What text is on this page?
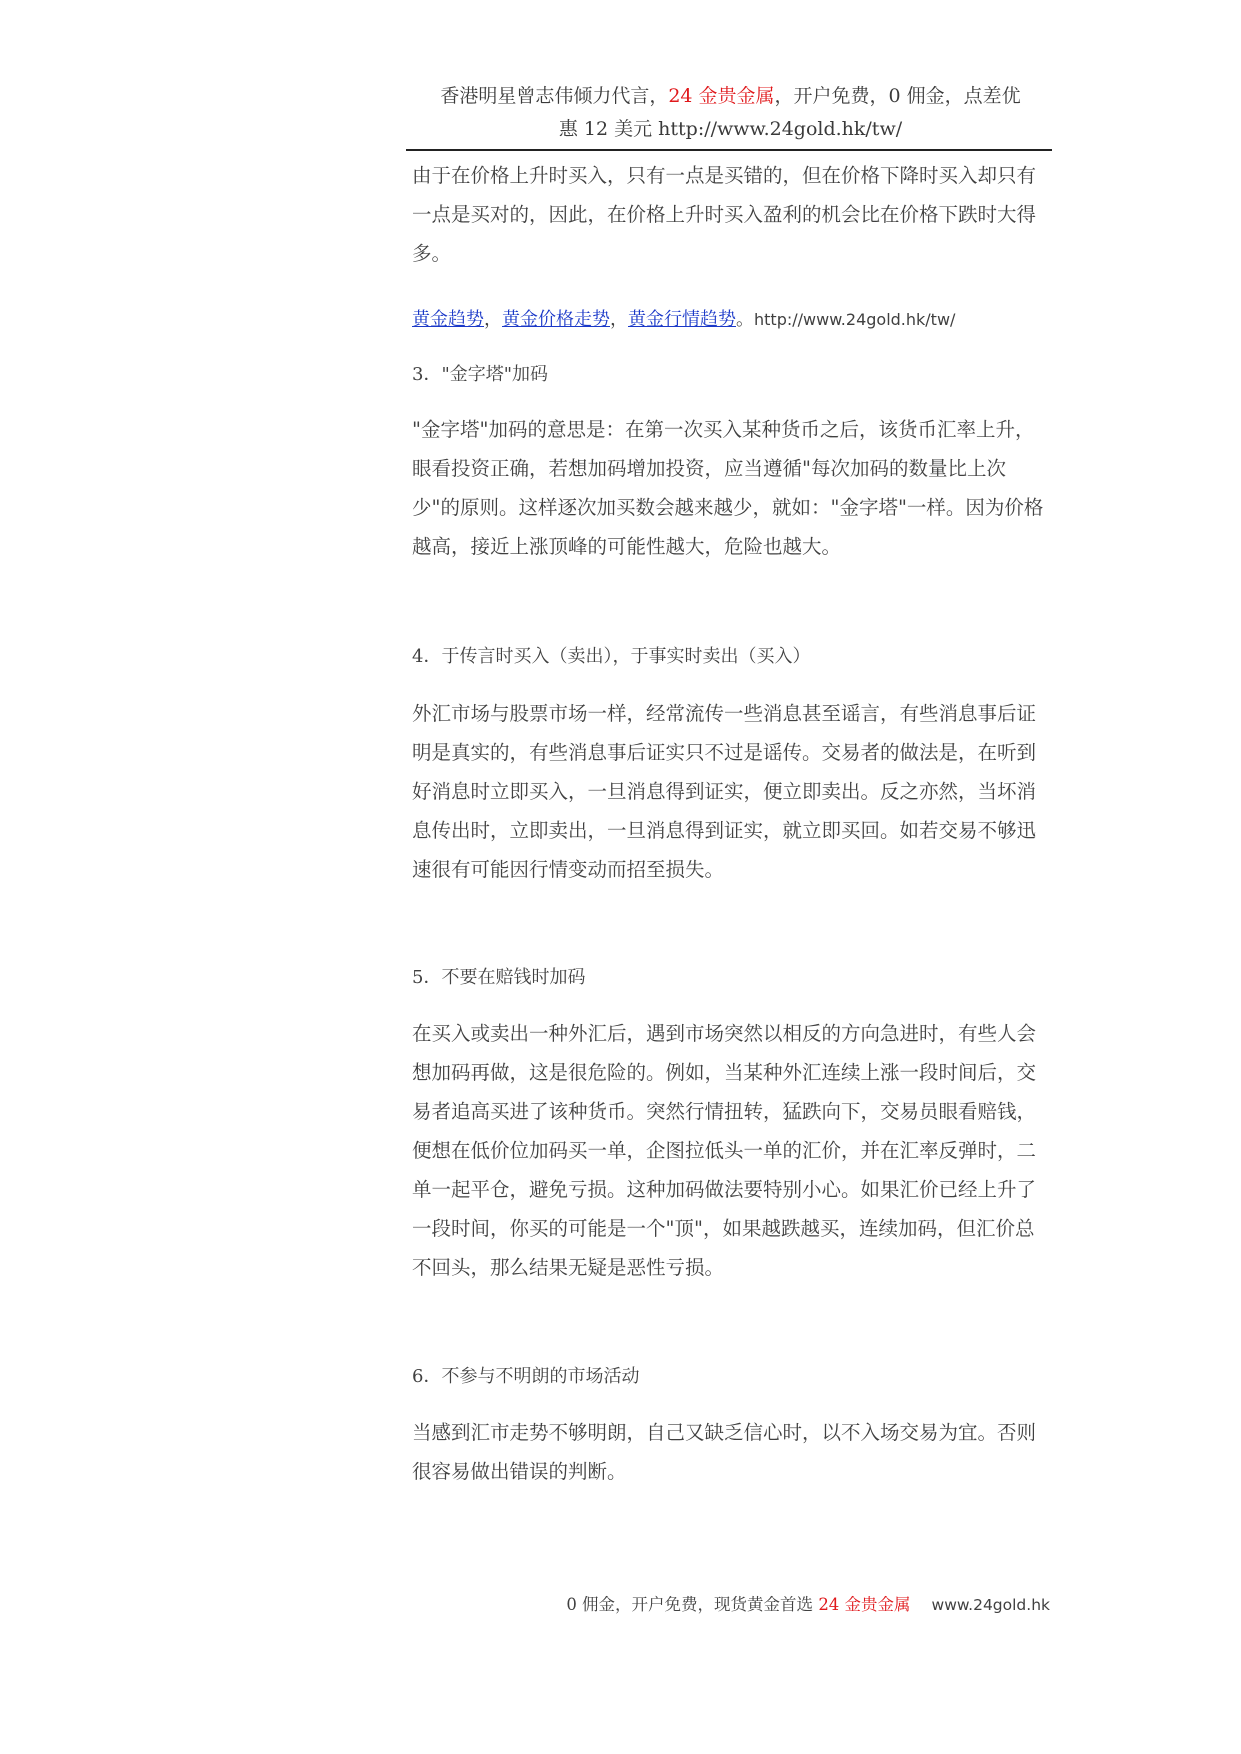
香港明星曾志伟倾力代言，24 金贵金属，开户免费，0 佣金，点差优
惠 12 美元 http://www.24gold.hk/tw/

由于在价格上升时买入，只有一点是买错的，但在价格下降时买入却只有一点是买对的，因此，在价格上升时买入盈利的机会比在价格下跌时大得多。

黄金趋势，黄金价格走势，黄金行情趋势。http://www.24gold.hk/tw/

3．"金字塔"加码

"金字塔"加码的意思是：在第一次买入某种货币之后，该货币汇率上升，眼看投资正确，若想加码增加投资，应当遵循"每次加码的数量比上次少"的原则。这样逐次加买数会越来越少，就如："金字塔"一样。因为价格越高，接近上涨顶峰的可能性越大，危险也越大。

4．于传言时买入（卖出），于事实时卖出（买入）

外汇市场与股票市场一样，经常流传一些消息甚至谣言，有些消息事后证明是真实的，有些消息事后证实只不过是谣传。交易者的做法是，在听到好消息时立即买入，一旦消息得到证实，便立即卖出。反之亦然，当坏消息传出时，立即卖出，一旦消息得到证实，就立即买回。如若交易不够迅速很有可能因行情变动而招至损失。

5．不要在赔钱时加码

在买入或卖出一种外汇后，遇到市场突然以相反的方向急进时，有些人会想加码再做，这是很危险的。例如，当某种外汇连续上涨一段时间后，交易者追高买进了该种货币。突然行情扭转，猛跌向下，交易员眼看赔钱，便想在低价位加码买一单，企图拉低头一单的汇价，并在汇率反弹时，二单一起平仓，避免亏损。这种加码做法要特别小心。如果汇价已经上升了一段时间，你买的可能是一个"顶"，如果越跌越买，连续加码，但汇价总不回头，那么结果无疑是恶性亏损。

6．不参与不明朗的市场活动

当感到汇市走势不够明朗，自己又缺乏信心时，以不入场交易为宜。否则很容易做出错误的判断。

0 佣金，开户免费，现货黄金首选 24 金贵金属 www.24gold.hk
